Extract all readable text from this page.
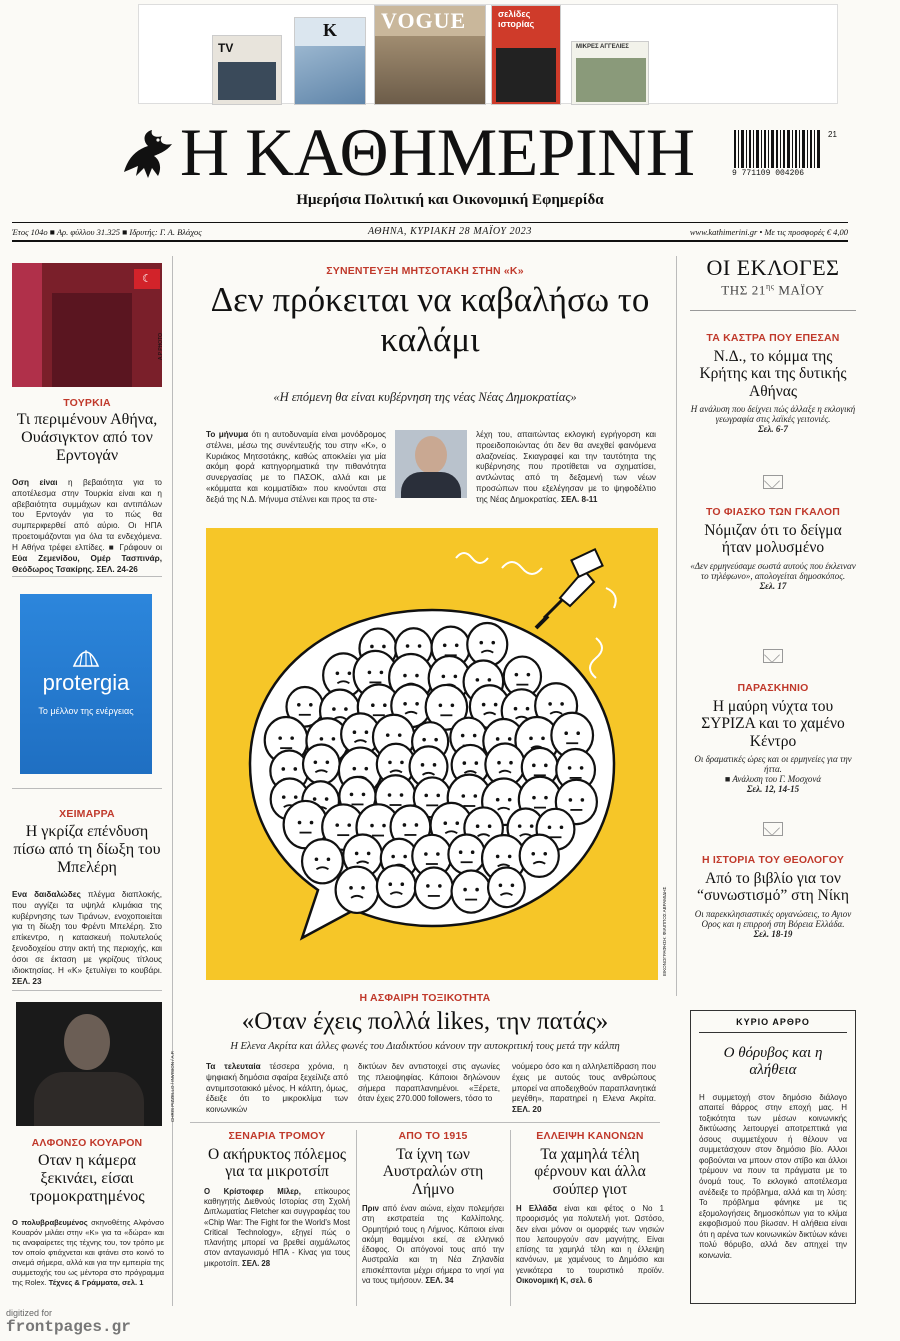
TV
K VOGUE	σελίδες ιστορίας
ΜΙΚΡΕΣ ΑΓΓΕΛΙΕΣ
Η ΚΑΘΗΜΕΡΙΝΗ
Ημερήσια Πολιτική και Οικονομική Εφημερίδα
21
9 771109 004206
Έτος 104ο ■ Αρ. φύλλου 31.325 ■ Ιδρυτής: Γ. Α. Βλάχος	ΑΘΗΝΑ, ΚΥΡΙΑΚΗ 28 ΜΑΪΟΥ 2023	www.kathimerini.gr • Με τις προσφορές € 4,00
☾
A.P PHOTO
ΤΟΥΡΚΙΑ
Τι περιμένουν Αθήνα, Ουάσιγκτον από τον Ερντογάν
Οση είναι η βεβαιότητα για το αποτέλεσμα στην Τουρκία είναι και η αβεβαιότητα συμμάχων και αντιπάλων του Ερντογάν για το πώς θα συμπεριφερθεί από αύριο. Οι ΗΠΑ προετοιμάζονται για όλα τα ενδεχόμενα. Η Αθήνα τρέφει ελπίδες. ■ Γράφουν οι Εύα Ζεμενίδου, Ομέρ Τασπινάρ, Θεόδωρος Τσακίρης. ΣΕΛ. 24-26
protergia
Το μέλλον της ενέργειας
ΧΕΙΜΑΡΡΑ
Η γκρίζα επένδυση πίσω από τη δίωξη του Μπελέρη
Ενα δαιδαλώδες πλέγμα διαπλοκής, που αγγίζει τα υψηλά κλιμάκια της κυβέρνησης των Τιράνων, ενοχοποιείται για τη δίωξη του Φρέντι Μπελέρη. Στο επίκεντρο, η κατασκευή πολυτελούς ξενοδοχείου στην ακτή της περιοχής, και όσοι σε έκταση με γκρίζους τίτλους ιδιοκτησίας. Η «Κ» ξετυλίγει το κουβάρι. ΣΕΛ. 23
CHRIS PIZZELLO / INVISION / A.P.
ΑΛΦΟΝΣΟ ΚΟΥΑΡΟΝ
Οταν η κάμερα ξεκινάει, είσαι τρομοκρατημένος
Ο πολυβραβευμένος σκηνοθέτης Αλφόνσο Κουαρόν μιλάει στην «Κ» για τα «δώρα» και τις αναφαίρετες της τέχνης του, τον τρόπο με τον οποίο φτιάχνεται και φτάνει στο κοινό το σινεμά σήμερα, αλλά και για την εμπειρία της συμμετοχής του ως μέντορα στο πρόγραμμα της Rolex. Τέχνες & Γράμματα, σελ. 1
ΣΥΝΕΝΤΕΥΞΗ ΜΗΤΣΟΤΑΚΗ ΣΤΗΝ «Κ»
Δεν πρόκειται να καβαλήσω το καλάμι
«Η επόμενη θα είναι κυβέρνηση της νέας Νέας Δημοκρατίας»
Το μήνυμα ότι η αυτοδυναμία είναι μονόδρομος στέλνει, μέσω της συνέντευξής του στην «Κ», ο Κυριάκος Μητσοτάκης, καθώς αποκλείει για μία ακόμη φορά κατηγορηματικά την πιθανότητα συνεργασίας με το ΠΑΣΟΚ, αλλά και με «κόμματα και κομματίδια» που κινούνται στα δεξιά της Ν.Δ. Μήνυμα στέλνει και προς τα στε-
λέχη του, απαιτώντας εκλογική εγρήγορση και προειδοποιώντας ότι δεν θα ανεχθεί φαινόμενα αλαζονείας. Σκιαγραφεί και την ταυτότητα της κυβέρνησης που προτίθεται να σχηματίσει, αντλώντας από τη δεξαμενή των νέων προσώπων που εξελέγησαν με το ψηφοδέλτιο της Νέας Δημοκρατίας. ΣΕΛ. 8-11
ΕΙΚΟΝΟΓΡΑΦΗΣΗ: ΦΙΛΙΠΠΟΣ ΑΒΡΑΜΙΔΗΣ
Η ΑΣΦΑΙΡΗ ΤΟΞΙΚΟΤΗΤΑ
«Οταν έχεις πολλά likes, την πατάς»
Η Ελενα Ακρίτα και άλλες φωνές του Διαδικτύου κάνουν την αυτοκριτική τους μετά την κάλπη
Τα τελευταία τέσσερα χρόνια, η ψηφιακή δημόσια σφαίρα ξεχείλιζε από αντιμιτσοτακικό μένος. Η κάλπη, όμως, έδειξε ότι το μικροκλίμα των κοινωνικών
δικτύων δεν αντιστοιχεί στις αγωνίες της πλειοψηφίας. Κάποιοι δηλώνουν σήμερα παραπλανημένοι. «Ξέρετε, όταν έχεις 270.000 followers, τόσο το
νούμερο όσο και η αλληλεπίδραση που έχεις με αυτούς τους ανθρώπους μπορεί να αποδειχθούν παραπλανητικά μεγέθη», παρατηρεί η Ελενα Ακρίτα. ΣΕΛ. 20
ΣΕΝΑΡΙΑ ΤΡΟΜΟΥ
Ο ακήρυκτος πόλεμος για τα μικροτσίπ
Ο Κρίστοφερ Μίλερ, επίκουρος καθηγητής Διεθνούς Ιστορίας στη Σχολή Διπλωματίας Fletcher και συγγραφέας του «Chip War: The Fight for the World's Most Critical Technology», εξηγεί πώς ο πλανήτης μπορεί να βρεθεί αιχμάλωτος στον ανταγωνισμό ΗΠΑ - Κίνας για τους μικροτσίπ. ΣΕΛ. 28
ΑΠΟ ΤΟ 1915
Τα ίχνη των Αυστραλών στη Λήμνο
Πριν από έναν αιώνα, είχαν πολεμήσει στη εκστρατεία της Καλλίπολης. Ορμητήριό τους η Λήμνος. Κάποιοι είναι ακόμη θαμμένοι εκεί, σε ελληνικό έδαφος. Οι απόγονοί τους από την Αυστραλία και τη Νέα Ζηλανδία επισκέπτονται μέχρι σήμερα το νησί για να τους τιμήσουν. ΣΕΛ. 34
ΕΛΛΕΙΨΗ ΚΑΝΟΝΩΝ
Τα χαμηλά τέλη φέρνουν και άλλα σούπερ γιοτ
Η Ελλάδα είναι και φέτος ο Νο 1 προορισμός για πολυτελή γιοτ. Ωστόσο, δεν είναι μόνον οι ομορφιές των νησιών που λειτουργούν σαν μαγνήτης. Είναι επίσης τα χαμηλά τέλη και η έλλειψη κανόνων, με χαμένους το Δημόσιο και γενικότερα το τουριστικό προϊόν. Οικονομική Κ, σελ. 6
ΟΙ ΕΚΛΟΓΕΣ
ΤΗΣ $21^{\eta\varsigma}$ ΜΑΪΟΥ
ΤΑ ΚΑΣΤΡΑ ΠΟΥ ΕΠΕΣΑΝ
Ν.Δ., το κόμμα της Κρήτης και της δυτικής Αθήνας
Η ανάλυση που δείχνει πώς άλλαξε η εκλογική γεωγραφία στις λαϊκές γειτονιές.
Σελ. 6-7
ΤΟ ΦΙΑΣΚΟ ΤΩΝ ΓΚΑΛΟΠ
Νόμιζαν ότι το δείγμα ήταν μολυσμένο
«Δεν ερμηνεύσαμε σωστά αυτούς που έκλειναν το τηλέφωνο», απολογείται δημοσκόπος.
Σελ. 17
ΠΑΡΑΣΚΗΝΙΟ
Η μαύρη νύχτα του ΣΥΡΙΖΑ και το χαμένο Κέντρο
Οι δραματικές ώρες και οι ερμηνείες για την ήττα.
■ Ανάλυση του Γ. Μοσχονά
Σελ. 12, 14-15
Η ΙΣΤΟΡΙΑ ΤΟΥ ΘΕΟΛΟΓΟΥ
Από το βιβλίο για τον “συνωστισμό” στη Νίκη
Οι παρεκκλησιαστικές οργανώσεις, το Αγιον Ορος και η επιρροή στη Βόρεια Ελλάδα.
Σελ. 18-19
ΚΥΡΙΟ ΑΡΘΡΟ
Ο θόρυβος και η αλήθεια
Η συμμετοχή στον δημόσιο διάλογο απαιτεί θάρρος στην εποχή μας. Η τοξικότητα των μέσων κοινωνικής δικτύωσης λειτουργεί αποτρεπτικά για όσους συμμετέχουν ή θέλουν να συμμετάσχουν στον δημόσιο βίο. Αλλοι φοβούνται να μπουν στον στίβο και άλλοι τρέμουν να πουν τα πράγματα με το όνομά τους. Το εκλογικό αποτέλεσμα ανέδειξε το πρόβλημα, αλλά και τη λύση: Το πρόβλημα φάνηκε με τις εξομολογήσεις δημοσκόπων για το κλίμα εκφοβισμού που βίωσαν. Η αλήθεια είναι ότι η αρένα των κοινωνικών δικτύων κάνει πολύ θόρυβο, αλλά δεν απηχεί την κοινωνία.
digitized for
frontpages.gr
